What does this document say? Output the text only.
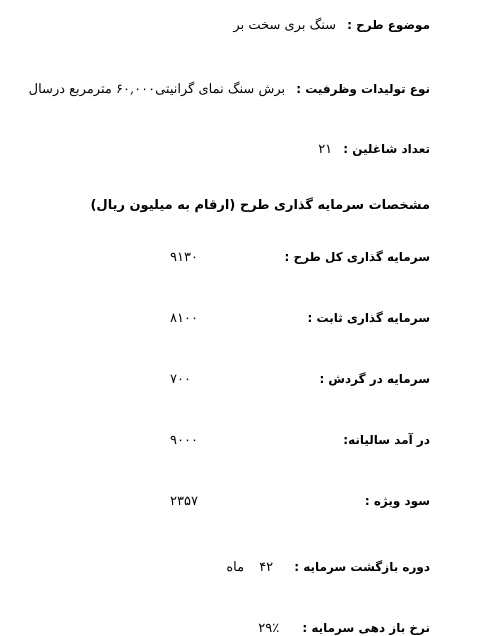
موضوع طرح : سنگ بری سخت بر
نوع تولیدات وظرفیت : برش سنگ نمای گرانیتی۶۰,۰۰۰ مترمربع درسال
تعداد شاغلین : ۲۱
مشخصات سرمایه گذاری طرح (ارقام به میلیون ریال)
سرمایه گذاری کل طرح :
۹۱۳۰
سرمایه گذاری ثابت :
۸۱۰۰
سرمایه در گردش :
۷۰۰
در آمد سالیانه:
۹۰۰۰
سود ویژه :
۲۳۵۷
دوره بازگشت سرمایه : ۴۲ ماه
نرخ باز دهی سرمایه : ٪۲۹
